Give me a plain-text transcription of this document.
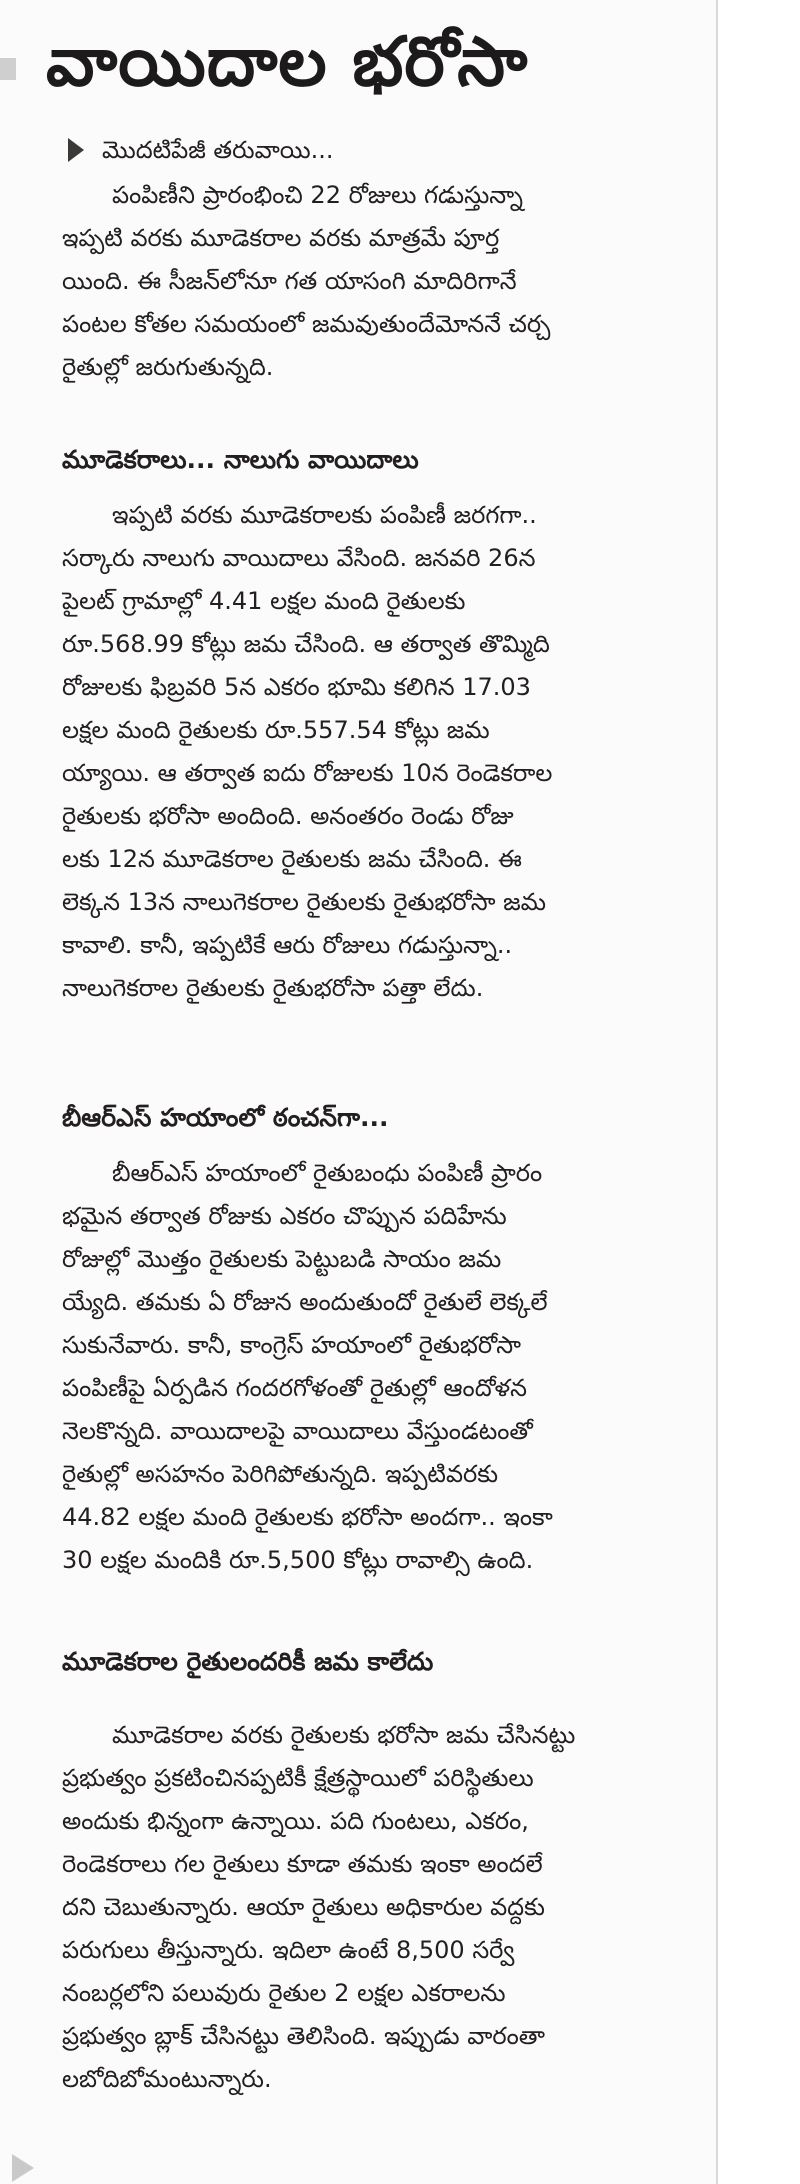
వాయిదాల భరోసా
మొదటిపేజీ తరువాయి...
పంపిణీని ప్రారంభించి 22 రోజులు గడుస్తున్నా
ఇప్పటి వరకు మూడెకరాల వరకు మాత్రమే పూర్త
యింది. ఈ సీజన్‌లోనూ గత యాసంగి మాదిరిగానే
పంటల కోతల సమయంలో జమవుతుందేమోననే చర్చ
రైతుల్లో జరుగుతున్నది.
మూడెకరాలు... నాలుగు వాయిదాలు
ఇప్పటి వరకు మూడెకరాలకు పంపిణీ జరగగా..
సర్కారు నాలుగు వాయిదాలు వేసింది. జనవరి 26న
పైలట్ గ్రామాల్లో 4.41 లక్షల మంది రైతులకు
రూ.568.99 కోట్లు జమ చేసింది. ఆ తర్వాత తొమ్మిది
రోజులకు ఫిబ్రవరి 5న ఎకరం భూమి కలిగిన 17.03
లక్షల మంది రైతులకు రూ.557.54 కోట్లు జమ
య్యాయి. ఆ తర్వాత ఐదు రోజులకు 10న రెండెకరాల
రైతులకు భరోసా అందింది. అనంతరం రెండు రోజు
లకు 12న మూడెకరాల రైతులకు జమ చేసింది. ఈ
లెక్కన 13న నాలుగెకరాల రైతులకు రైతుభరోసా జమ
కావాలి. కానీ, ఇప్పటికే ఆరు రోజులు గడుస్తున్నా..
నాలుగెకరాల రైతులకు రైతుభరోసా పత్తా లేదు.
బీఆర్ఎస్ హయాంలో ఠంచన్‌గా...
బీఆర్ఎస్ హయాంలో రైతుబంధు పంపిణీ ప్రారం
భమైన తర్వాత రోజుకు ఎకరం చొప్పున పదిహేను
రోజుల్లో మొత్తం రైతులకు పెట్టుబడి సాయం జమ
య్యేది. తమకు ఏ రోజున అందుతుందో రైతులే లెక్కలే
సుకునేవారు. కానీ, కాంగ్రెస్ హయాంలో రైతుభరోసా
పంపిణీపై ఏర్పడిన గందరగోళంతో రైతుల్లో ఆందోళన
నెలకొన్నది. వాయిదాలపై వాయిదాలు వేస్తుండటంతో
రైతుల్లో అసహనం పెరిగిపోతున్నది. ఇప్పటివరకు
44.82 లక్షల మంది రైతులకు భరోసా అందగా.. ఇంకా
30 లక్షల మందికి రూ.5,500 కోట్లు రావాల్సి ఉంది.
మూడెకరాల రైతులందరికీ జమ కాలేదు
మూడెకరాల వరకు రైతులకు భరోసా జమ చేసినట్టు
ప్రభుత్వం ప్రకటించినప్పటికీ క్షేత్రస్థాయిలో పరిస్థితులు
అందుకు భిన్నంగా ఉన్నాయి. పది గుంటలు, ఎకరం,
రెండెకరాలు గల రైతులు కూడా తమకు ఇంకా అందలే
దని చెబుతున్నారు. ఆయా రైతులు అధికారుల వద్దకు
పరుగులు తీస్తున్నారు. ఇదిలా ఉంటే 8,500 సర్వే
నంబర్లలోని పలువురు రైతుల 2 లక్షల ఎకరాలను
ప్రభుత్వం బ్లాక్ చేసినట్టు తెలిసింది. ఇప్పుడు వారంతా
లబోదిబోమంటున్నారు.
